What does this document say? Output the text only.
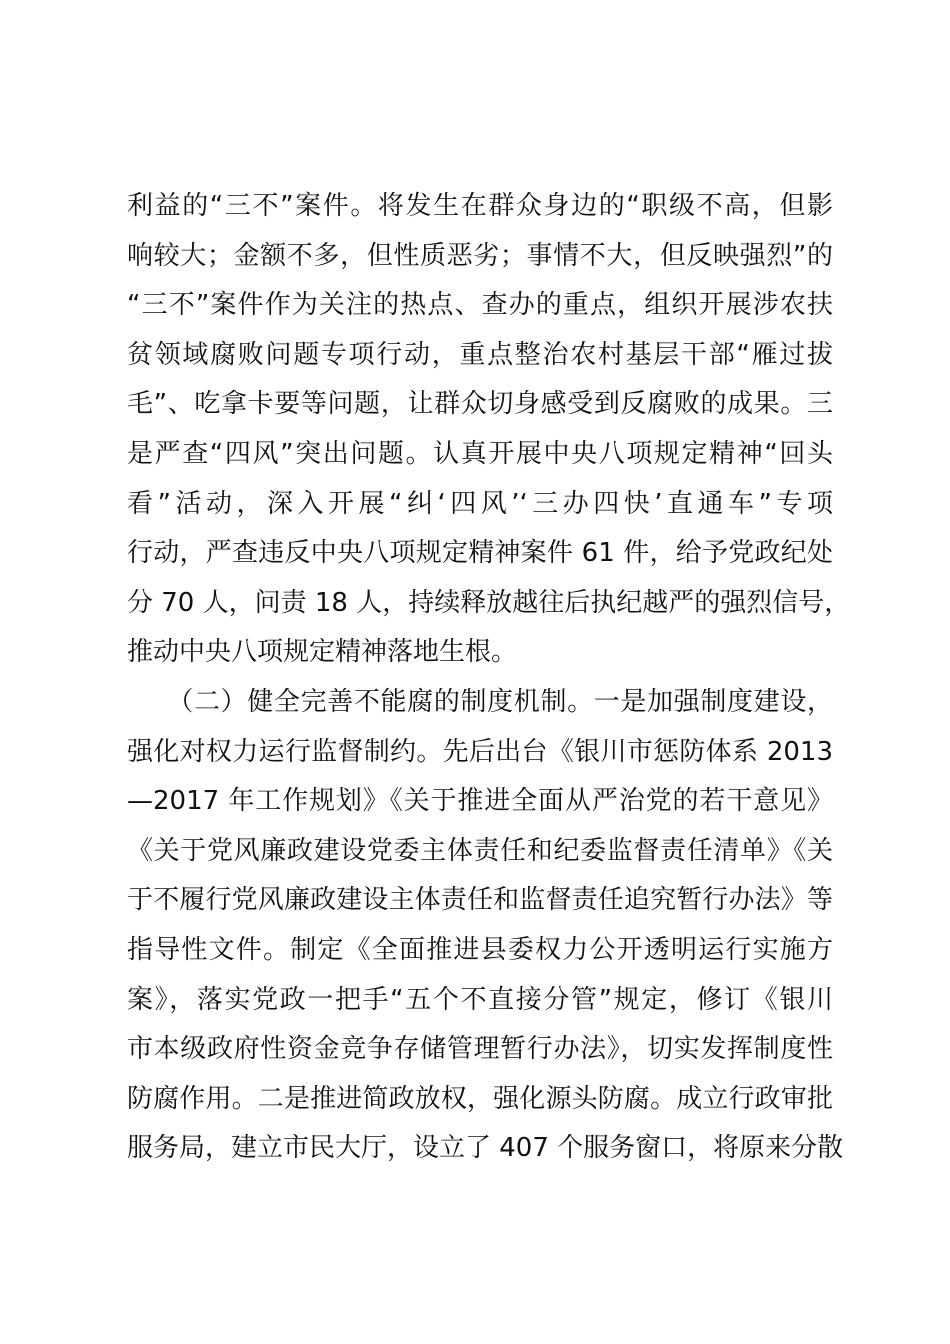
利益的“三不”案件。将发生在群众身边的“职级不高，但影
响较大；金额不多，但性质恶劣；事情不大，但反映强烈”的
“三不”案件作为关注的热点、查办的重点，组织开展涉农扶
贫领域腐败问题专项行动，重点整治农村基层干部“雁过拔
毛”、吃拿卡要等问题，让群众切身感受到反腐败的成果。三
是严查“四风”突出问题。认真开展中央八项规定精神“回头
看”活动，深入开展“纠‘四风’‘三办四快’直通车”专项
行动，严查违反中央八项规定精神案件 61 件，给予党政纪处
分 70 人，问责 18 人，持续释放越往后执纪越严的强烈信号，
推动中央八项规定精神落地生根。
　　（二）健全完善不能腐的制度机制。一是加强制度建设，
强化对权力运行监督制约。先后出台《银川市惩防体系 2013
—2017 年工作规划》《关于推进全面从严治党的若干意见》
《关于党风廉政建设党委主体责任和纪委监督责任清单》《关
于不履行党风廉政建设主体责任和监督责任追究暂行办法》等
指导性文件。制定《全面推进县委权力公开透明运行实施方
案》，落实党政一把手“五个不直接分管”规定，修订《银川
市本级政府性资金竞争存储管理暂行办法》，切实发挥制度性
防腐作用。二是推进简政放权，强化源头防腐。成立行政审批
服务局，建立市民大厅，设立了 407 个服务窗口，将原来分散
